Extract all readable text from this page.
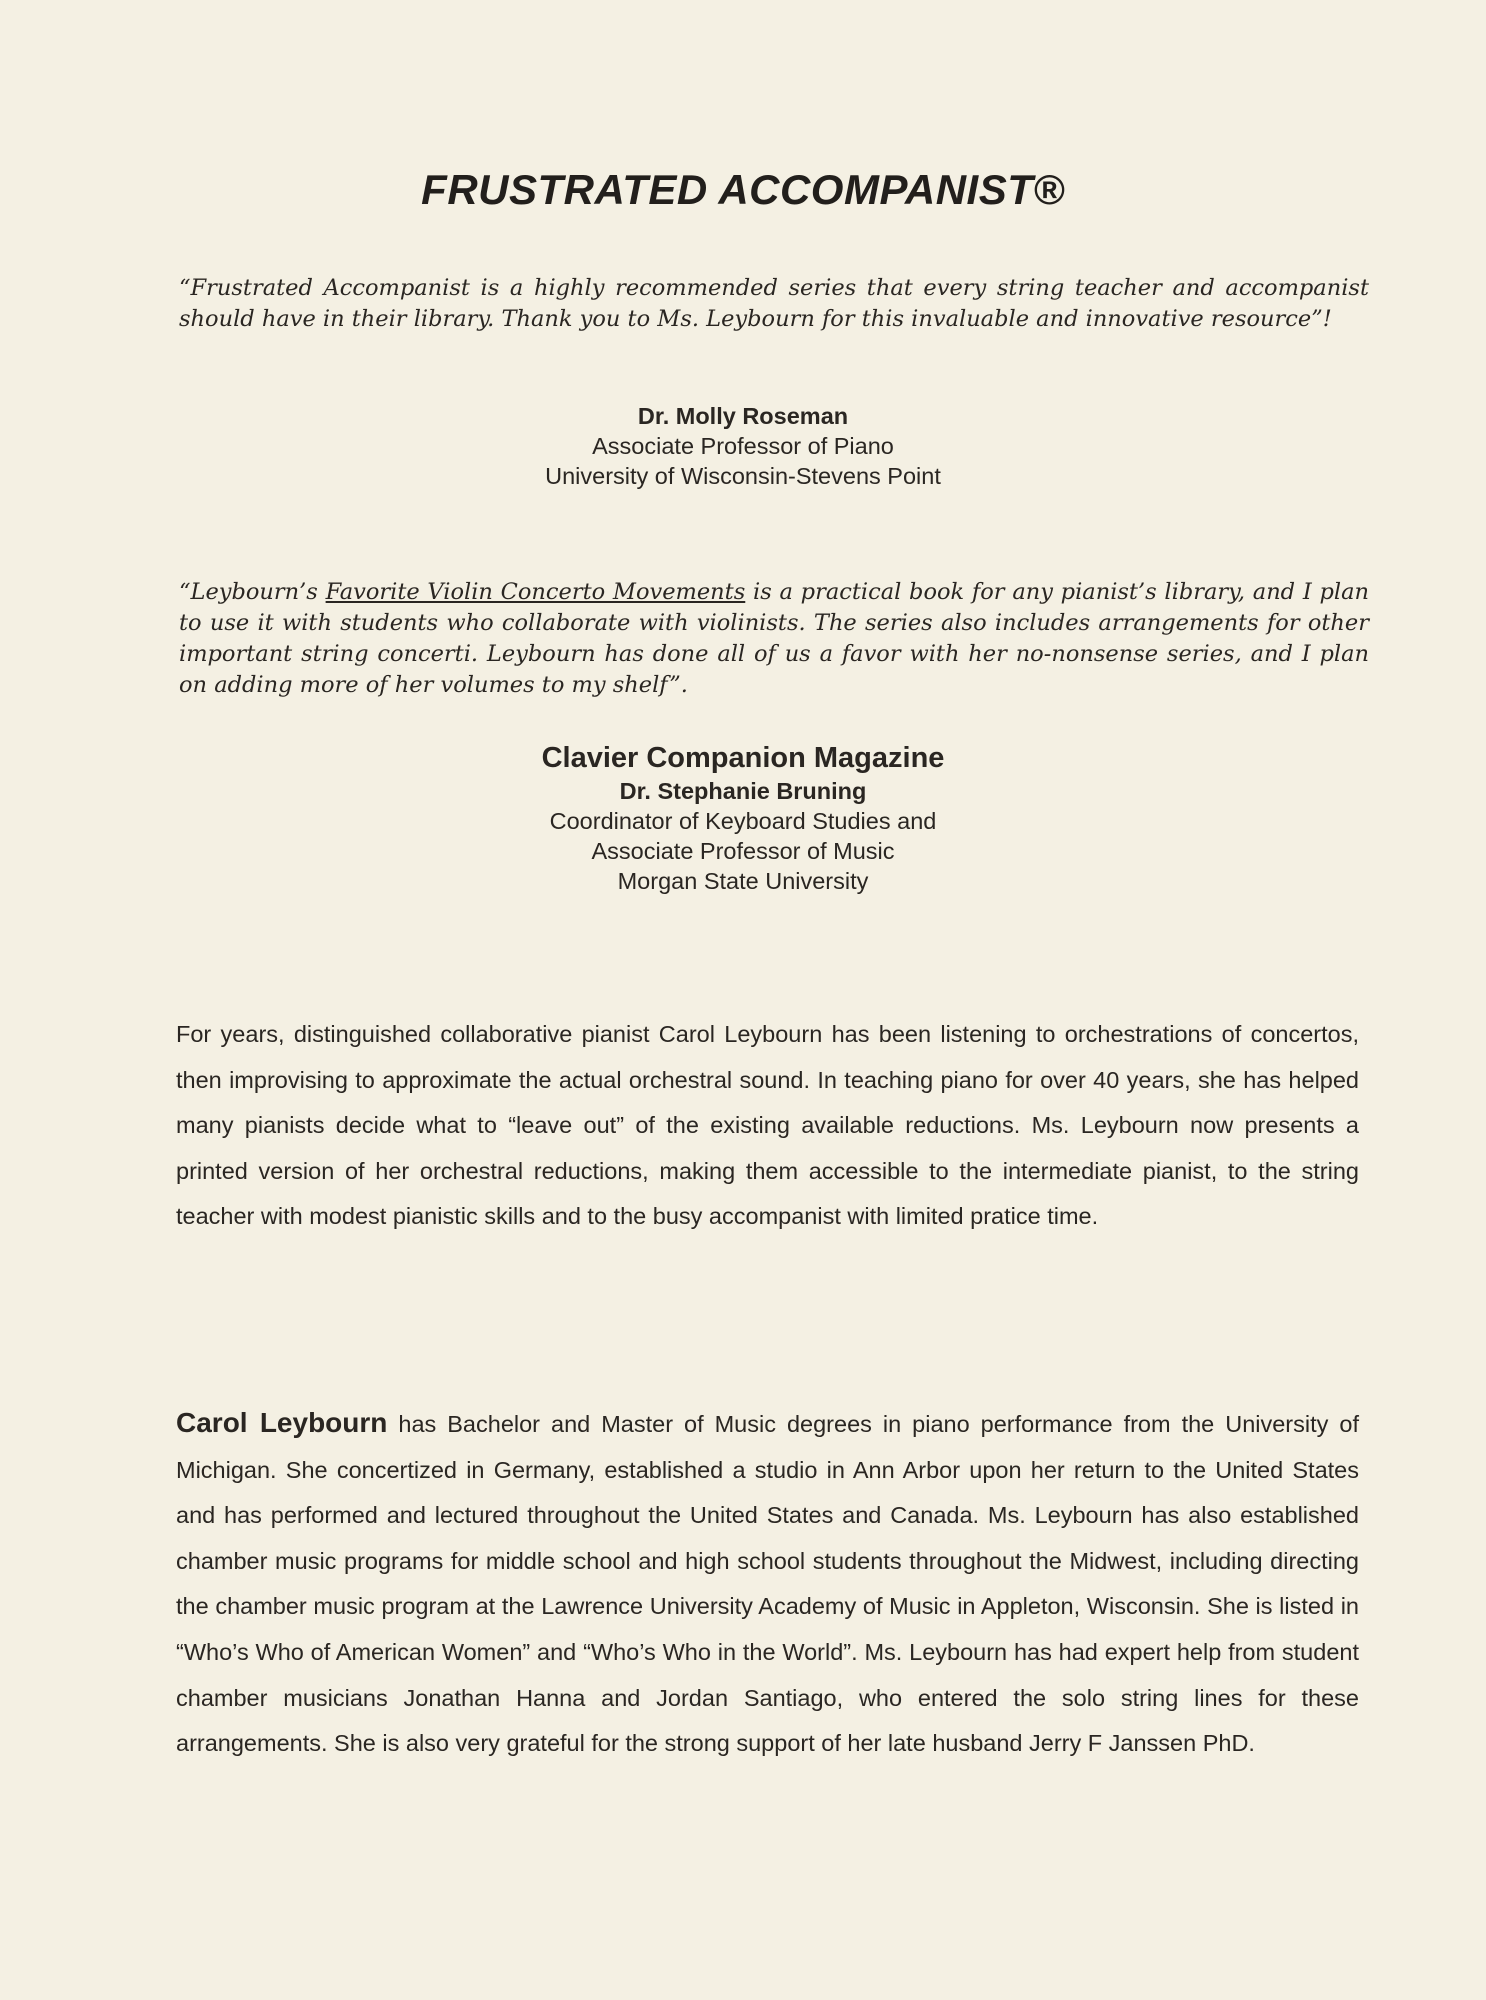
FRUSTRATED ACCOMPANIST®

“Frustrated Accompanist is a highly recommended series that every string teacher and accompanist should have in their library. Thank you to Ms. Leybourn for this invaluable and innovative resource”!

Dr. Molly Roseman
Associate Professor of Piano
University of Wisconsin-Stevens Point

“Leybourn’s Favorite Violin Concerto Movements is a practical book for any pianist’s library, and I plan to use it with students who collaborate with violinists. The series also includes arrangements for other important string concerti. Leybourn has done all of us a favor with her no-nonsense series, and I plan on adding more of her volumes to my shelf”.

Clavier Companion Magazine
Dr. Stephanie Bruning
Coordinator of Keyboard Studies and
Associate Professor of Music
Morgan State University

For years, distinguished collaborative pianist Carol Leybourn has been listening to orchestrations of concertos, then improvising to approximate the actual orchestral sound. In teaching piano for over 40 years, she has helped many pianists decide what to “leave out” of the existing available reductions. Ms. Leybourn now presents a printed version of her orchestral reductions, making them accessible to the intermediate pianist, to the string teacher with modest pianistic skills and to the busy accompanist with limited pratice time.

Carol Leybourn has Bachelor and Master of Music degrees in piano performance from the University of Michigan. She concertized in Germany, established a studio in Ann Arbor upon her return to the United States and has performed and lectured throughout the United States and Canada. Ms. Leybourn has also established chamber music programs for middle school and high school students throughout the Midwest, including directing the chamber music program at the Lawrence University Academy of Music in Appleton, Wisconsin. She is listed in “Who’s Who of American Women” and “Who’s Who in the World”. Ms. Leybourn has had expert help from student chamber musicians Jonathan Hanna and Jordan Santiago, who entered the solo string lines for these arrangements. She is also very grateful for the strong support of her late husband Jerry F Janssen PhD.
